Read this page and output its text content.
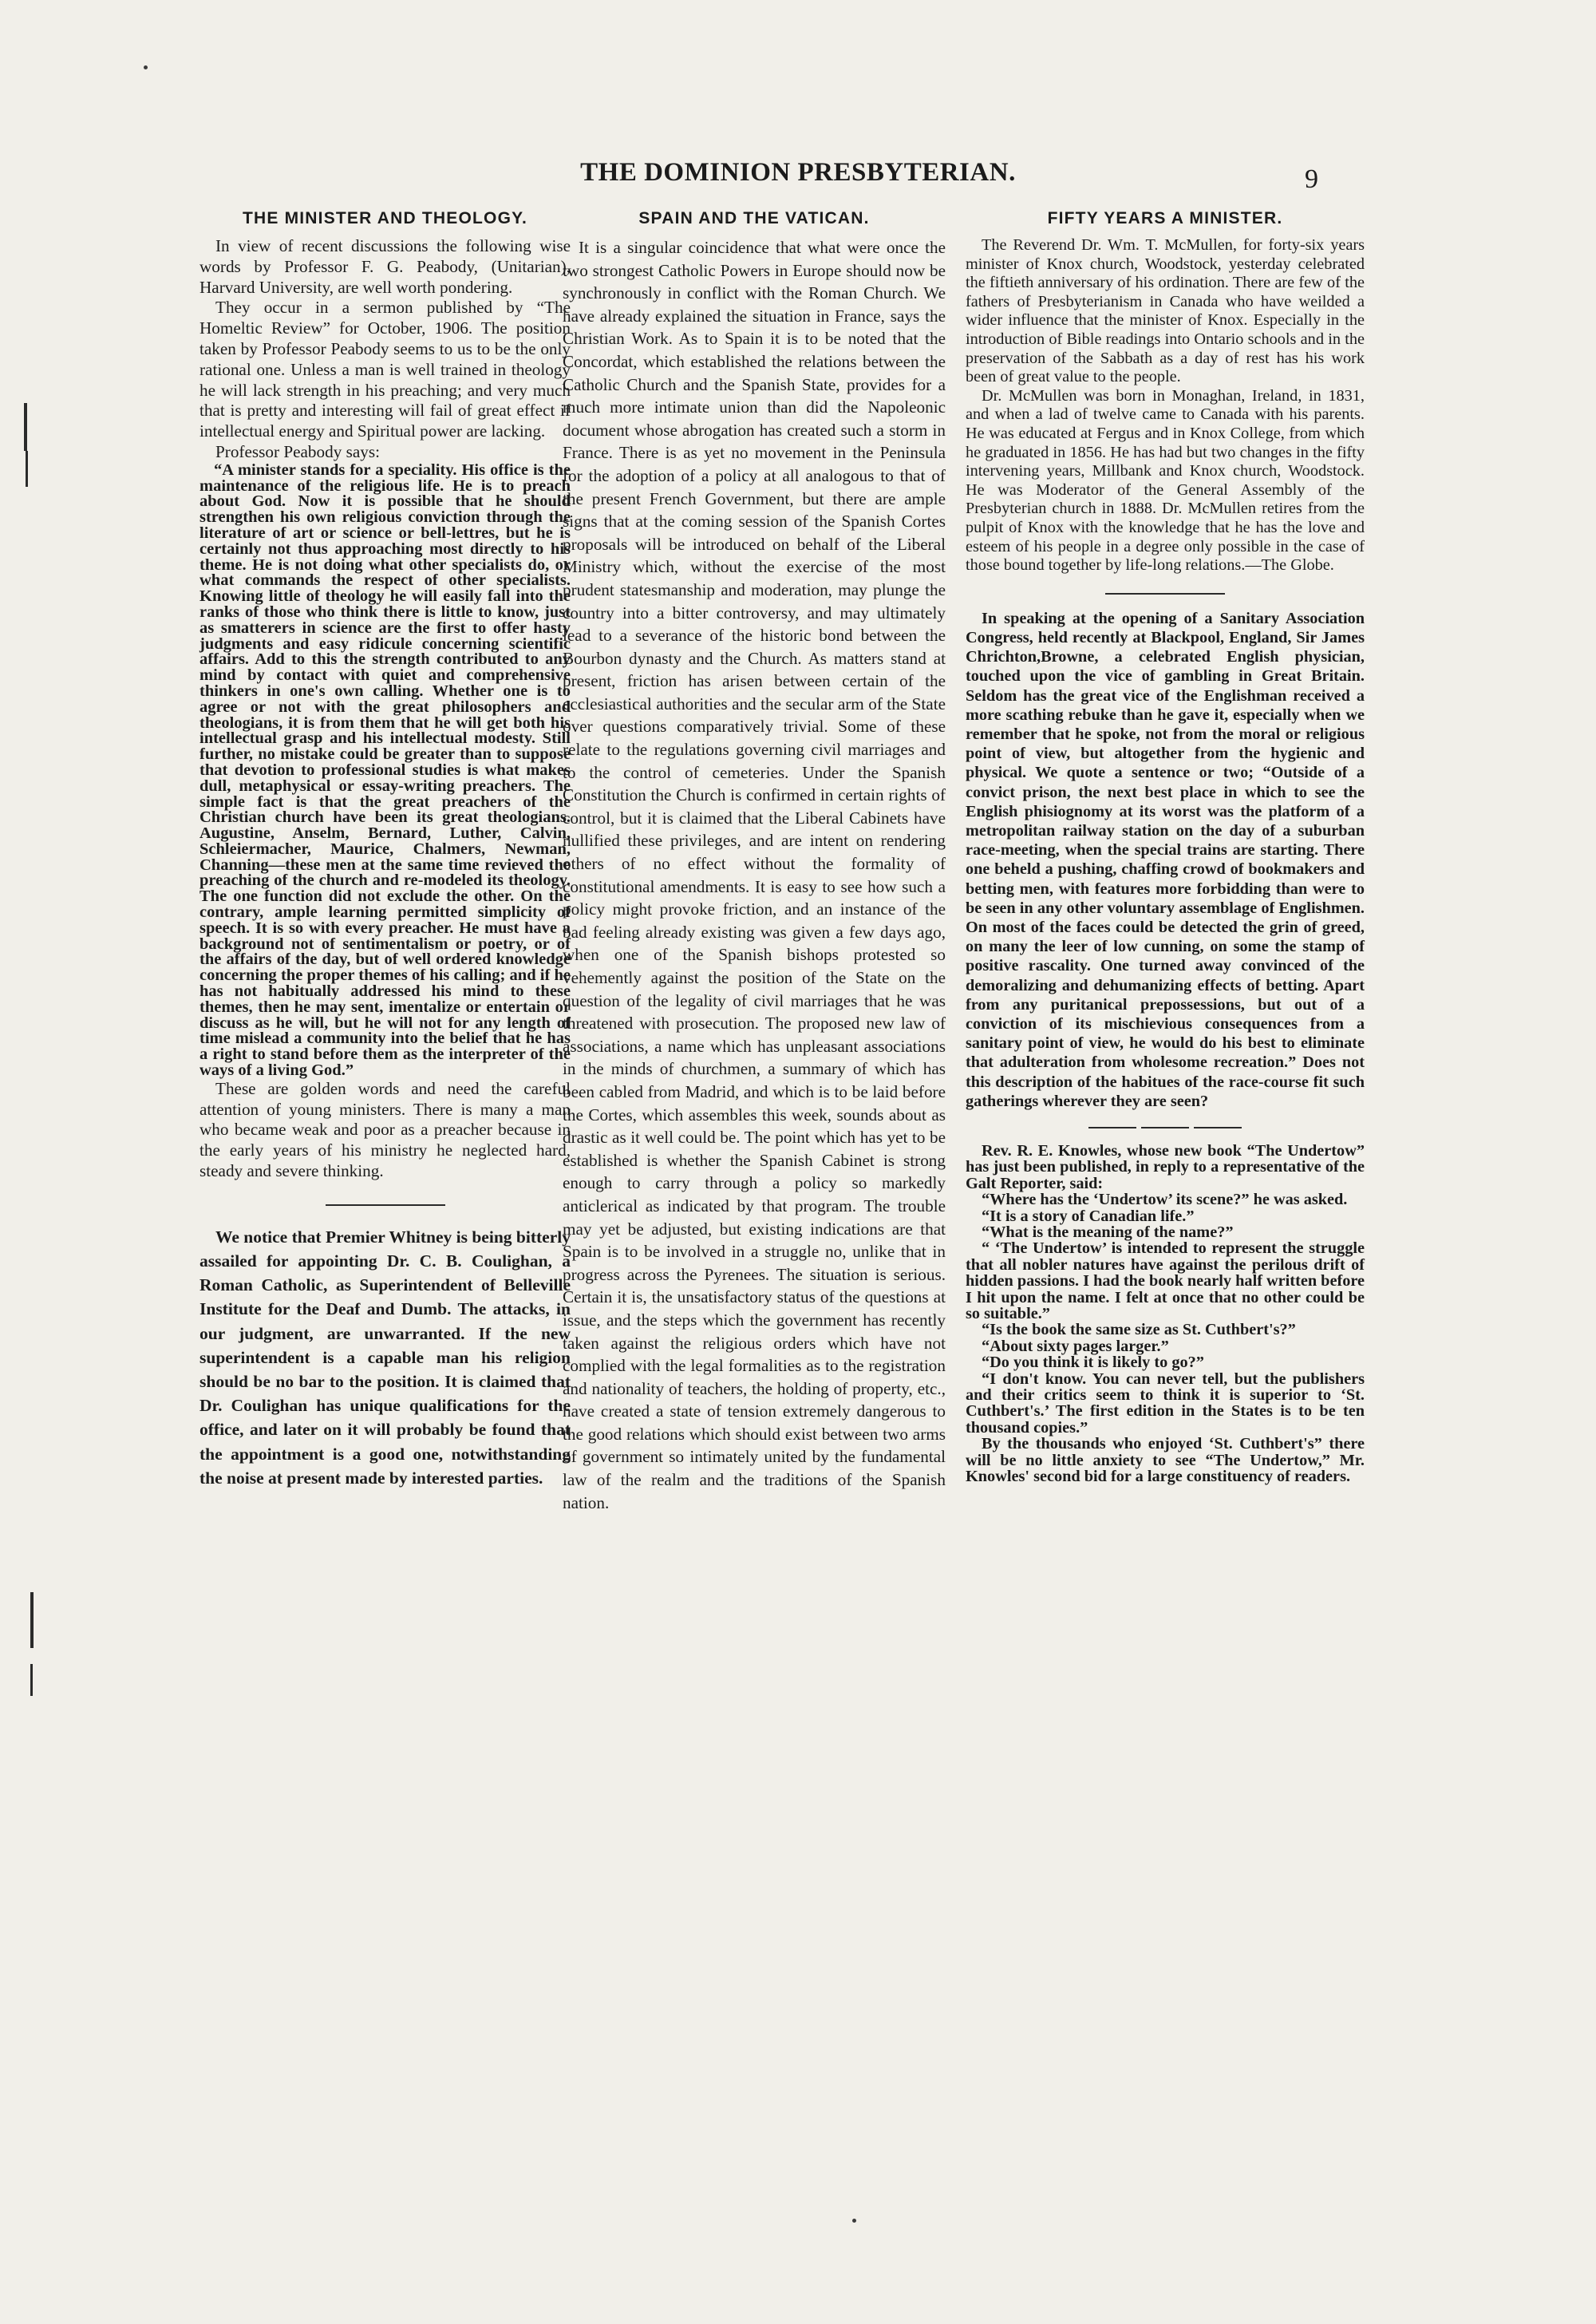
THE DOMINION PRESBYTERIAN.	9
THE MINISTER AND THEOLOGY.

In view of recent discussions the following wise words by Professor F. G. Peabody, (Unitarian), Harvard University, are well worth pondering.

They occur in a sermon published by “The Homeltic Review” for October, 1906. The position taken by Professor Peabody seems to us to be the only rational one. Unless a man is well trained in theology he will lack strength in his preaching; and very much that is pretty and interesting will fail of great effect if intellectual energy and Spiritual power are lacking.

Professor Peabody says:

“A minister stands for a speciality. His office is the maintenance of the religious life. He is to preach about God. Now it is possible that he should strengthen his own religious conviction through the literature of art or science or bell-lettres, but he is certainly not thus approaching most directly to his theme. He is not doing what other specialists do, or what commands the respect of other specialists. Knowing little of theology he will easily fall into the ranks of those who think there is little to know, just as smatterers in science are the first to offer hasty judgments and easy ridicule concerning scientific affairs. Add to this the strength contributed to any mind by contact with quiet and comprehensive thinkers in one's own calling. Whether one is to agree or not with the great philosophers and theologians, it is from them that he will get both his intellectual grasp and his intellectual modesty. Still further, no mistake could be greater than to suppose that devotion to professional studies is what makes dull, metaphysical or essay-writing preachers. The simple fact is that the great preachers of the Christian church have been its great theologians. Augustine, Anselm, Bernard, Luther, Calvin, Schleiermacher, Maurice, Chalmers, Newman, Channing—these men at the same time revieved the preaching of the church and re-modeled its theology. The one function did not exclude the other. On the contrary, ample learning permitted simplicity of speech. It is so with every preacher. He must have a background not of sentimentalism or poetry, or of the affairs of the day, but of well ordered knowledge concerning the proper themes of his calling; and if he has not habitually addressed his mind to these themes, then he may sent, imentalize or entertain or discuss as he will, but he will not for any length of time mislead a community into the belief that he has a right to stand before them as the interpreter of the ways of a living God.”

These are golden words and need the careful attention of young ministers. There is many a man who became weak and poor as a preacher because in the early years of his ministry he neglected hard, steady and severe thinking.

We notice that Premier Whitney is being bitterly assailed for appointing Dr. C. B. Coulighan, a Roman Catholic, as Superintendent of Belleville Institute for the Deaf and Dumb. The attacks, in our judgment, are unwarranted. If the new superintendent is a capable man his religion should be no bar to the position. It is claimed that Dr. Coulighan has unique qualifications for the office, and later on it will probably be found that the appointment is a good one, notwithstanding the noise at present made by interested parties.

SPAIN AND THE VATICAN.

It is a singular coincidence that what were once the two strongest Catholic Powers in Europe should now be synchronously in conflict with the Roman Church. We have already explained the situation in France, says the Christian Work. As to Spain it is to be noted that the Concordat, which established the relations between the Catholic Church and the Spanish State, provides for a much more intimate union than did the Napoleonic document whose abrogation has created such a storm in France. There is as yet no movement in the Peninsula for the adoption of a policy at all analogous to that of the present French Government, but there are ample signs that at the coming session of the Spanish Cortes proposals will be introduced on behalf of the Liberal Ministry which, without the exercise of the most prudent statesmanship and moderation, may plunge the country into a bitter controversy, and may ultimately lead to a severance of the historic bond between the Bourbon dynasty and the Church. As matters stand at present, friction has arisen between certain of the ecclesiastical authorities and the secular arm of the State over questions comparatively trivial. Some of these relate to the regulations governing civil marriages and to the control of cemeteries. Under the Spanish Constitution the Church is confirmed in certain rights of control, but it is claimed that the Liberal Cabinets have nullified these privileges, and are intent on rendering others of no effect without the formality of constitutional amendments. It is easy to see how such a policy might provoke friction, and an instance of the bad feeling already existing was given a few days ago, when one of the Spanish bishops protested so vehemently against the position of the State on the question of the legality of civil marriages that he was threatened with prosecution. The proposed new law of associations, a name which has unpleasant associations in the minds of churchmen, a summary of which has been cabled from Madrid, and which is to be laid before the Cortes, which assembles this week, sounds about as drastic as it well could be. The point which has yet to be established is whether the Spanish Cabinet is strong enough to carry through a policy so markedly anticlerical as indicated by that program. The trouble may yet be adjusted, but existing indications are that Spain is to be involved in a struggle no, unlike that in progress across the Pyrenees. The situation is serious. Certain it is, the unsatisfactory status of the questions at issue, and the steps which the government has recently taken against the religious orders which have not complied with the legal formalities as to the registration and nationality of teachers, the holding of property, etc., have created a state of tension extremely dangerous to the good relations which should exist between two arms of government so intimately united by the fundamental law of the realm and the traditions of the Spanish nation.

FIFTY YEARS A MINISTER.

The Reverend Dr. Wm. T. McMullen, for forty-six years minister of Knox church, Woodstock, yesterday celebrated the fiftieth anniversary of his ordination. There are few of the fathers of Presbyterianism in Canada who have weilded a wider influence that the minister of Knox. Especially in the introduction of Bible readings into Ontario schools and in the preservation of the Sabbath as a day of rest has his work been of great value to the people.

Dr. McMullen was born in Monaghan, Ireland, in 1831, and when a lad of twelve came to Canada with his parents. He was educated at Fergus and in Knox College, from which he graduated in 1856. He has had but two changes in the fifty intervening years, Millbank and Knox church, Woodstock. He was Moderator of the General Assembly of the Presbyterian church in 1888. Dr. McMullen retires from the pulpit of Knox with the knowledge that he has the love and esteem of his people in a degree only possible in the case of those bound together by life-long relations.—The Globe.

In speaking at the opening of a Sanitary Association Congress, held recently at Blackpool, England, Sir James Chrichton,Browne, a celebrated English physician, touched upon the vice of gambling in Great Britain. Seldom has the great vice of the Englishman received a more scathing rebuke than he gave it, especially when we remember that he spoke, not from the moral or religious point of view, but altogether from the hygienic and physical. We quote a sentence or two; “Outside of a convict prison, the next best place in which to see the English phisiognomy at its worst was the platform of a metropolitan railway station on the day of a suburban race-meeting, when the special trains are starting. There one beheld a pushing, chaffing crowd of bookmakers and betting men, with features more forbidding than were to be seen in any other voluntary assemblage of Englishmen. On most of the faces could be detected the grin of greed, on many the leer of low cunning, on some the stamp of positive rascality. One turned away convinced of the demoralizing and dehumanizing effects of betting. Apart from any puritanical prepossessions, but out of a conviction of its mischievious consequences from a sanitary point of view, he would do his best to eliminate that adulteration from wholesome recreation.” Does not this description of the habitues of the race-course fit such gatherings wherever they are seen?

Rev. R. E. Knowles, whose new book “The Undertow” has just been published, in reply to a representative of the Galt Reporter, said:

“Where has the ‘Undertow’ its scene?” he was asked.

“It is a story of Canadian life.”

“What is the meaning of the name?”

“ ‘The Undertow’ is intended to represent the struggle that all nobler natures have against the perilous drift of hidden passions. I had the book nearly half written before I hit upon the name. I felt at once that no other could be so suitable.”

“Is the book the same size as St. Cuthbert's?”

“About sixty pages larger.”

“Do you think it is likely to go?”

“I don't know. You can never tell, but the publishers and their critics seem to think it is superior to ‘St. Cuthbert's.’ The first edition in the States is to be ten thousand copies.”

By the thousands who enjoyed ‘St. Cuthbert's” there will be no little anxiety to see “The Undertow,” Mr. Knowles' second bid for a large constituency of readers.
